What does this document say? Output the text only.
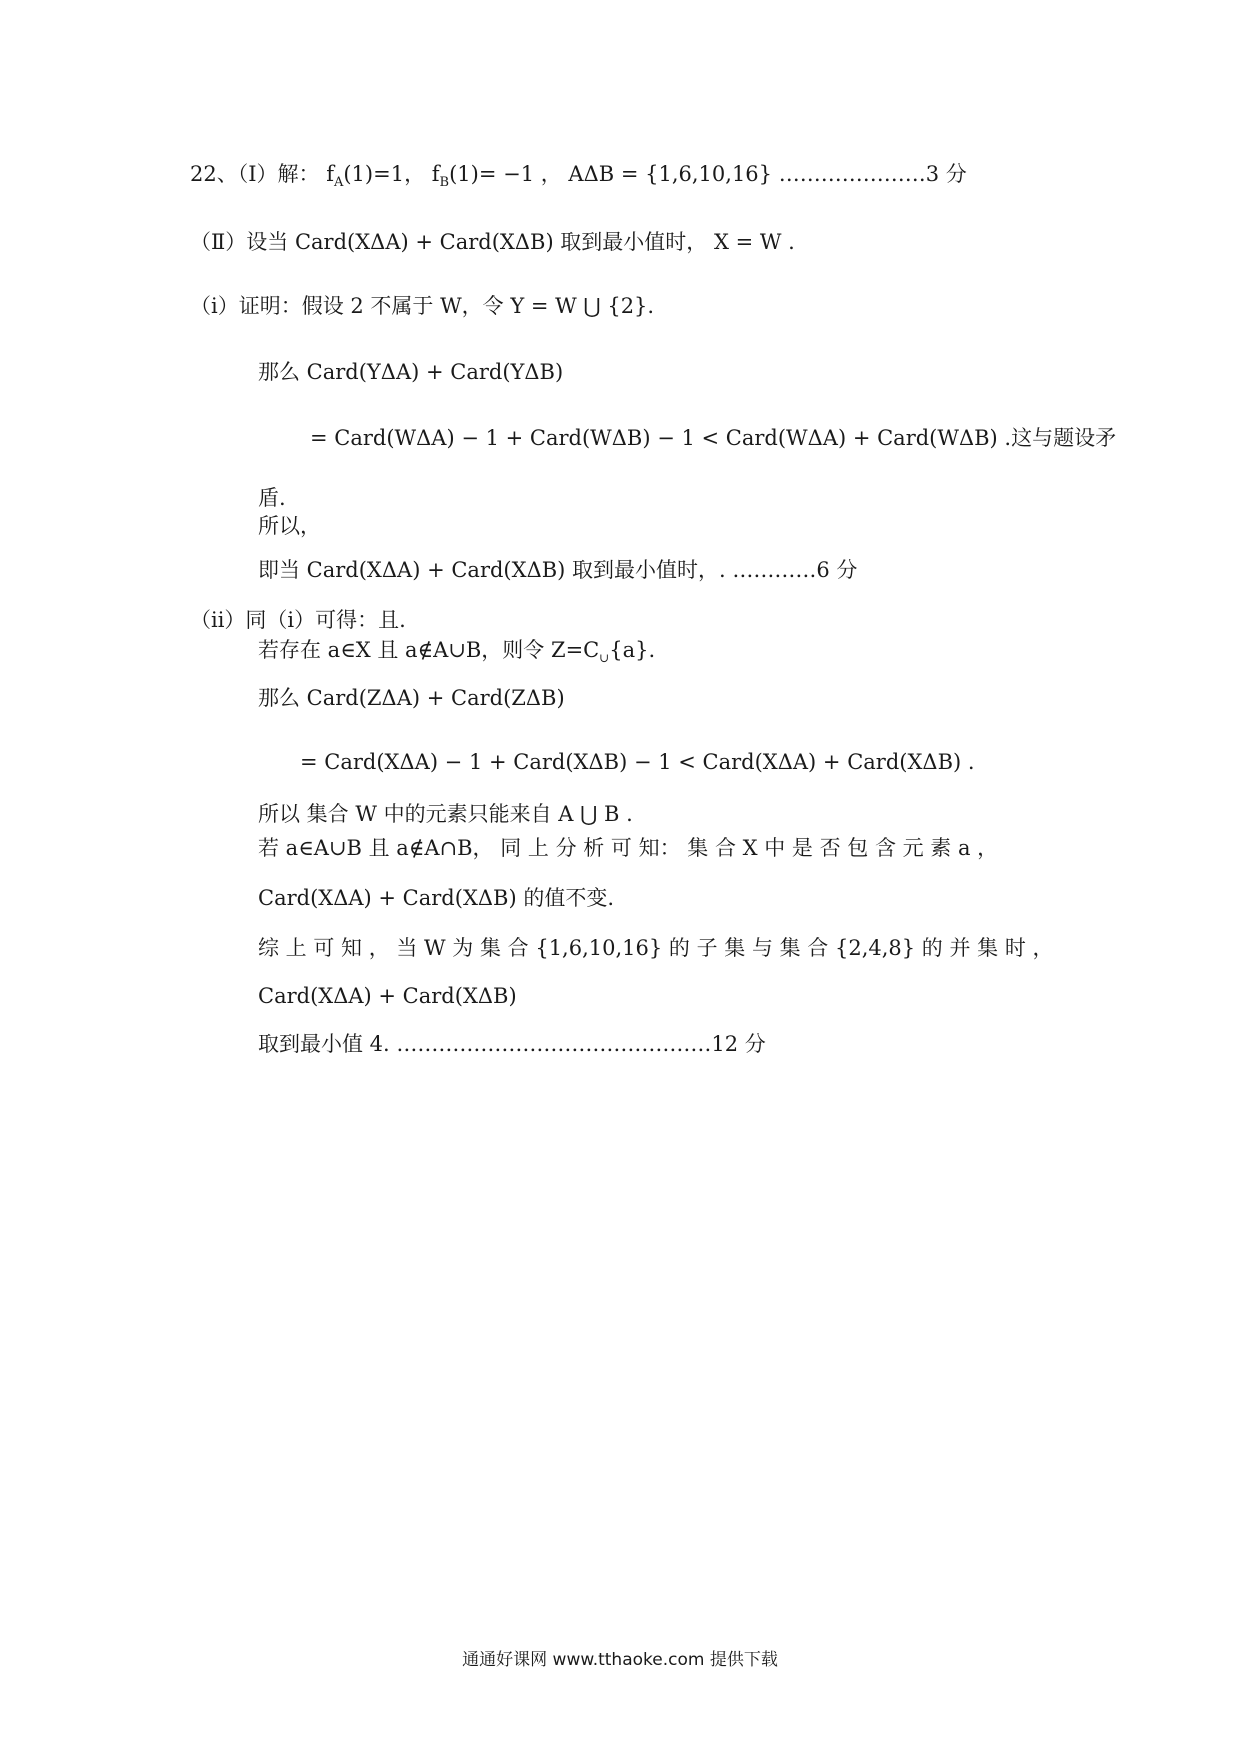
22、（Ⅰ）解： $f_A(1)=1$， $f_B(1)= -1$ ， AΔB = {1,6,10,16} …………………3 分
（Ⅱ）设当 Card(XΔA) + Card(XΔB) 取到最小值时， X = W .
（ⅰ）证明：假设 2 不属于 W，令 Y = W ⋃ {2}.
那么 Card(YΔA) + Card(YΔB)
= Card(WΔA) − 1 + Card(WΔB) − 1 < Card(WΔA) + Card(WΔB) .这与题设矛
盾.
所以，
即当 Card(XΔA) + Card(XΔB) 取到最小值时，. …………6 分
（ⅱ）同（ⅰ）可得：且.
若存在 a∈X 且 a∉A∪B，则令 $Z=C_\cup\{a\}$.
那么 Card(ZΔA) + Card(ZΔB)
= Card(XΔA) − 1 + Card(XΔB) − 1 < Card(XΔA) + Card(XΔB) .
所以 集合 W 中的元素只能来自 A ⋃ B .
若 a∈A∪B 且 a∉A∩B， 同 上 分 析 可 知： 集 合 X 中 是 否 包 含 元 素 a ，
Card(XΔA) + Card(XΔB) 的值不变.
综 上 可 知 ， 当 W 为 集 合 {1,6,10,16} 的 子 集 与 集 合 {2,4,8} 的 并 集 时 ，
Card(XΔA) + Card(XΔB)
取到最小值 4. ………………………………………12 分
通通好课网 www.tthaoke.com 提供下载
